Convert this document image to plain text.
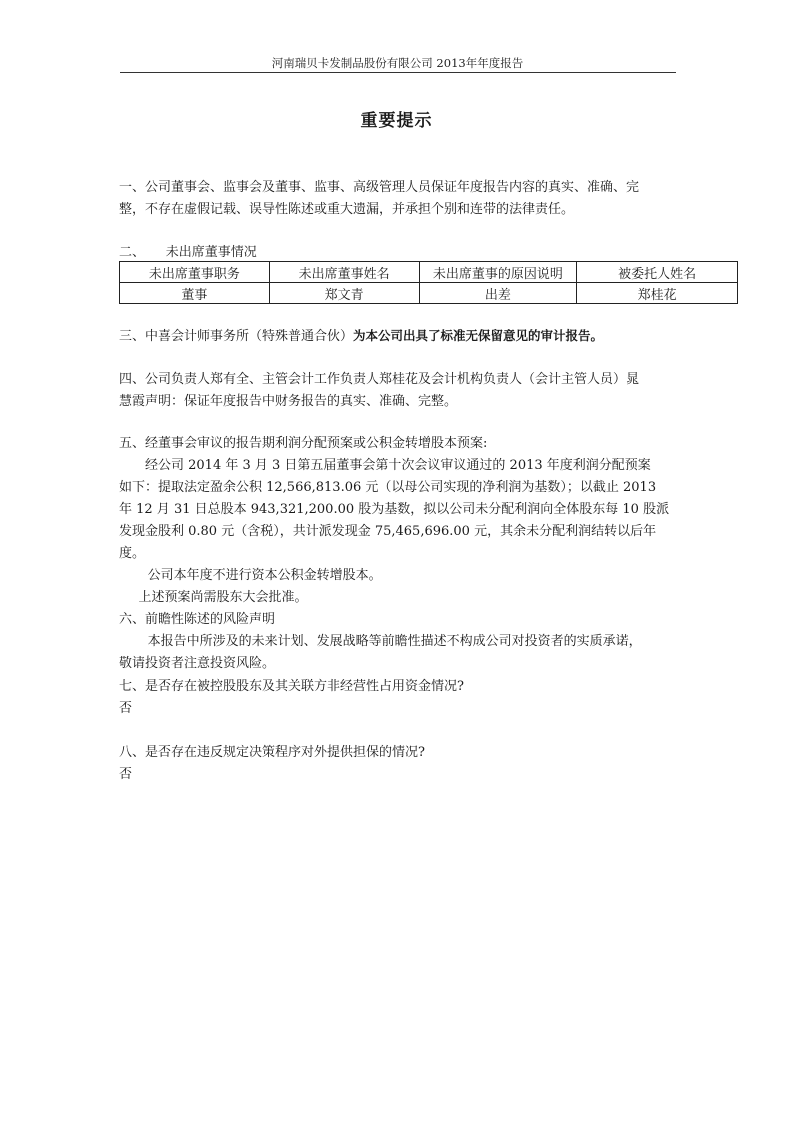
河南瑞贝卡发制品股份有限公司 2013年年度报告
重要提示

一、公司董事会、监事会及董事、监事、高级管理人员保证年度报告内容的真实、准确、完

整，不存在虚假记载、误导性陈述或重大遗漏，并承担个别和连带的法律责任。

二、 未出席董事情况
未出席董事职务	未出席董事姓名	未出席董事的原因说明	被委托人姓名
董事	郑文青	出差	郑桂花

三、中喜会计师事务所（特殊普通合伙）为本公司出具了标准无保留意见的审计报告。

四、公司负责人郑有全、主管会计工作负责人郑桂花及会计机构负责人（会计主管人员）晁

慧霞声明：保证年度报告中财务报告的真实、准确、完整。

五、经董事会审议的报告期利润分配预案或公积金转增股本预案:

经公司 2014 年 3 月 3 日第五届董事会第十次会议审议通过的 2013 年度利润分配预案

如下：提取法定盈余公积 12,566,813.06 元（以母公司实现的净利润为基数）；以截止 2013

年 12 月 31 日总股本 943,321,200.00 股为基数，拟以公司未分配利润向全体股东每 10 股派

发现金股利 0.80 元（含税），共计派发现金 75,465,696.00 元，其余未分配利润结转以后年

度。

公司本年度不进行资本公积金转增股本。

上述预案尚需股东大会批准。

六、前瞻性陈述的风险声明

本报告中所涉及的未来计划、发展战略等前瞻性描述不构成公司对投资者的实质承诺，

敬请投资者注意投资风险。

七、是否存在被控股股东及其关联方非经营性占用资金情况?

否

八、是否存在违反规定决策程序对外提供担保的情况?

否
